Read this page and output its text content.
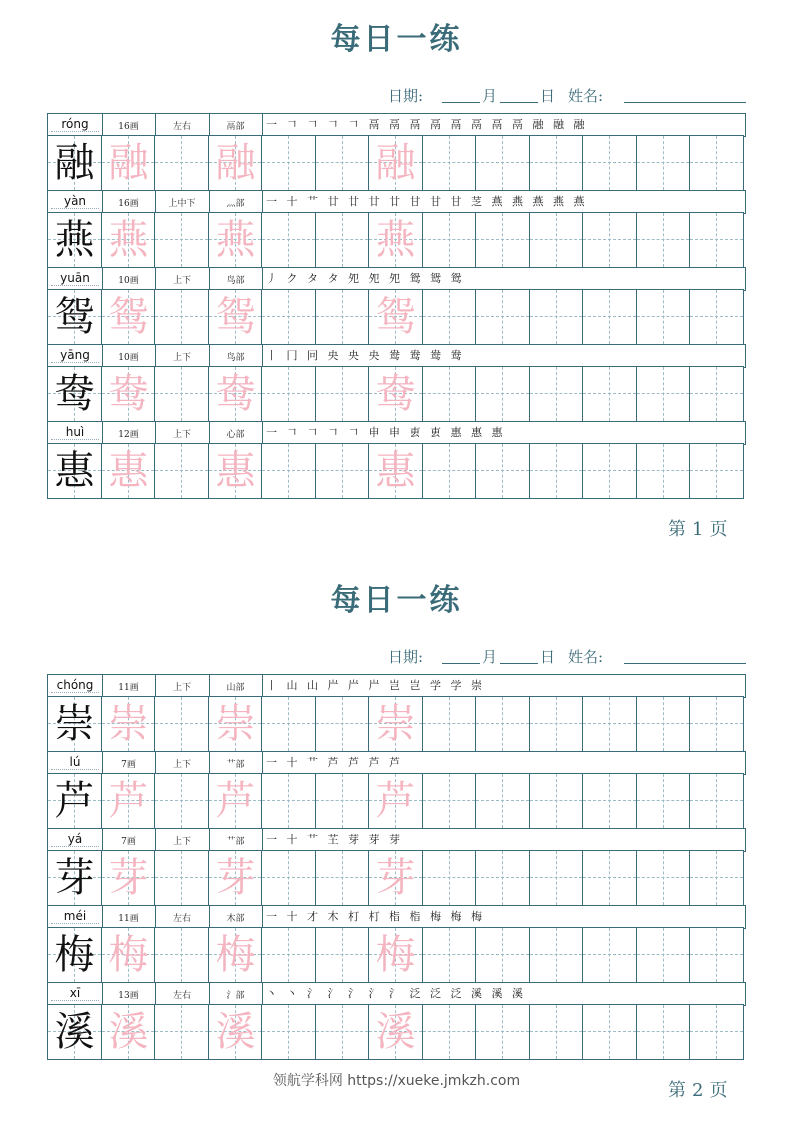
每日一练
日期:	月	日 姓名:
róng	16画	左右	鬲部	一 𠃍 𠃍 𠃍 𠃍 鬲 鬲 鬲 鬲 鬲 鬲 鬲 鬲 融 融 融
融 融 融	融
yàn	16画	上中下	灬部	一 十 艹 廿 廿 廿 廿 甘 甘 甘 䒦 燕 燕 燕 燕 燕
燕 燕 燕	燕
yuān	10画	上下	鸟部	丿 ク タ タ 夗 夗 夗 鸳 鸳 鸳
鸳 鸳 鸳	鸳
yāng	10画	上下	鸟部	丨 冂 冋 央 央 央 鸯 鸯 鸯 鸯
鸯 鸯 鸯	鸯
huì	12画	上下	心部	一 𠃍 𠃍 𠃍 𠃍 申 申 叀 叀 惠 惠 惠
惠 惠 惠	惠
第1页
每日一练
日期:	月	日 姓名:
chóng	11画	上下	山部	丨 山 山 屵 屵 屵 岂 岂 学 学 崇
崇 崇 崇	崇
lú	7画	上下	艹部	一 十 艹 芦 芦 芦 芦
芦 芦 芦	芦
yá	7画	上下	艹部	一 十 艹 芏 芽 芽 芽
芽 芽 芽	芽
méi	11画	左右	木部	一 十 才 木 朾 朾 栺 栺 梅 梅 梅
梅 梅 梅	梅
xī	13画	左右	氵部	丶 丶 氵 氵 氵 氵 氵 泛 泛 泛 溪 溪 溪
溪 溪 溪	溪
第2页
领航学科网 https://xueke.jmkzh.com
